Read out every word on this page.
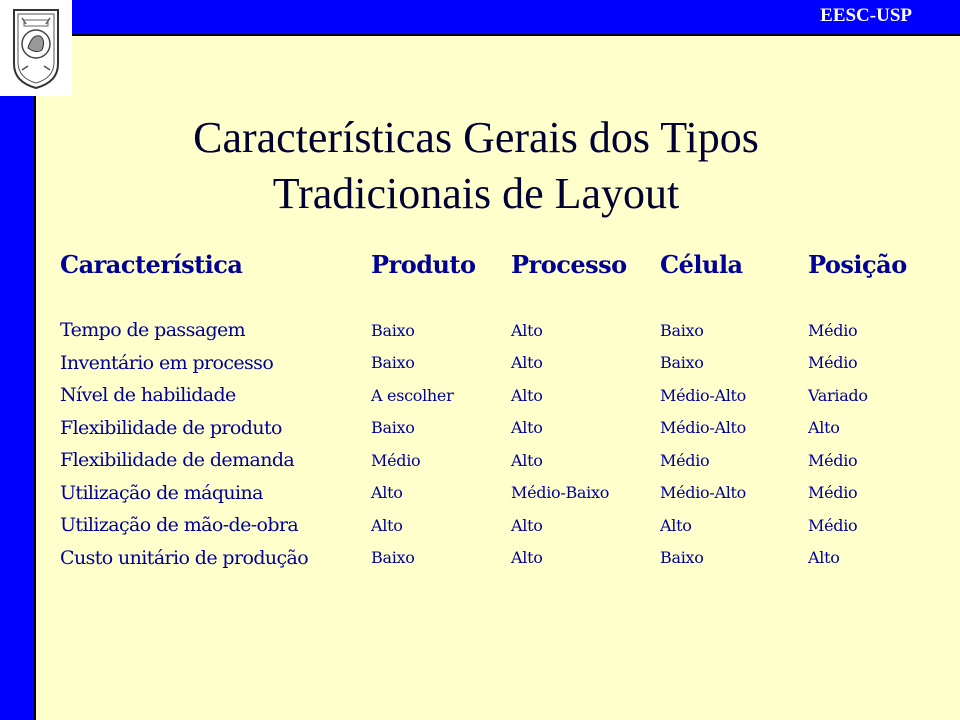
EESC-USP
Características Gerais dos Tipos
Tradicionais de Layout
Característica	Produto	Processo	Célula	Posição

Tempo de passagem	Baixo	Alto	Baixo	Médio
Inventário em processo	Baixo	Alto	Baixo	Médio
Nível de habilidade	A escolher	Alto	Médio-Alto	Variado
Flexibilidade de produto	Baixo	Alto	Médio-Alto	Alto
Flexibilidade de demanda	Médio	Alto	Médio	Médio
Utilização de máquina	Alto	Médio-Baixo	Médio-Alto	Médio
Utilização de mão-de-obra	Alto	Alto	Alto	Médio
Custo unitário de produção	Baixo	Alto	Baixo	Alto
